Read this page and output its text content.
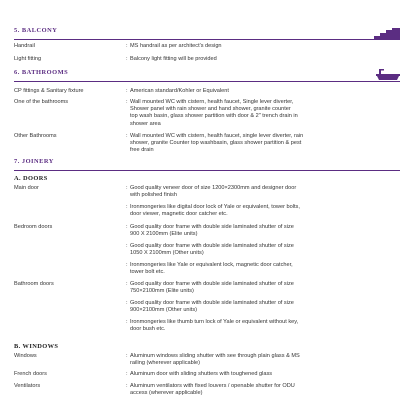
5. BALCONY
Handrail	: MS handrail as per architect's design
Light fitting	: Balcony light fitting will be provided
6. BATHROOMS
CP fittings & Sanitary fixture	: American standard/Kohler or Equivalent
One of the bathrooms	: Wall mounted WC with cistern, health faucet, Single lever diverter,
Shower panel with rain shower and hand shower, granite counter
top wash basin, glass shower partition with door & 2" trench drain in
shower area
Other Bathrooms	: Wall mounted WC with cistern, health faucet, single lever diverter, rain
shower, granite Counter top washbasin, glass shower partition & pest
free drain
7. JOINERY
A. DOORS
Main door	: Good quality veneer door of size 1200×2300mm and designer door
with polished finish
: Ironmongeries like digital door lock of Yale or equivalent, tower bolts,
door viewer, magnetic door catcher etc.
Bedroom doors	: Good quality door frame with double side laminated shutter of size
900 X 2100mm (Elite units)
: Good quality door frame with double side laminated shutter of size
1050 X 2100mm (Other units)
: Ironmongeries like Yale or equivalent lock, magnetic door catcher,
tower bolt etc.
Bathroom doors	: Good quality door frame with double side laminated shutter of size
750×2100mm (Elite units)
: Good quality door frame with double side laminated shutter of size
900×2100mm (Other units)
: Ironmongeries like thumb turn lock of Yale or equivalent without key,
door bush etc.
B. WINDOWS
Windows	: Aluminum windows sliding shutter with see through plain glass & MS
railing (wherever applicable)
French doors	: Aluminum door with sliding shutters with toughened glass
Ventilators	: Aluminum ventilators with fixed louvers / openable shutter for ODU
access (wherever applicable)
